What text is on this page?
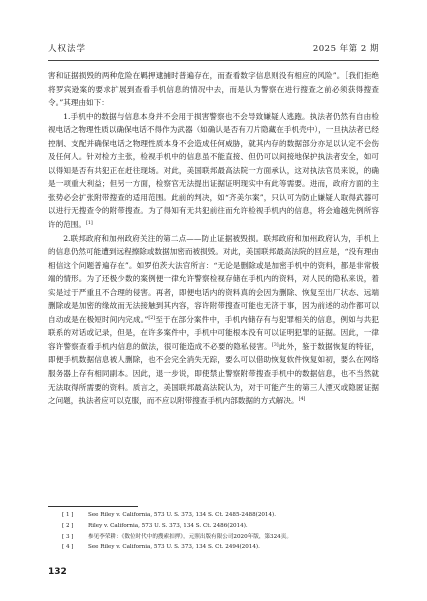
人权法学	2025 年第 2 期

害和证据损毁的两种危险在羁押逮捕时普遍存在，而查看数字信息则没有相应的风险”。［我们拒绝将罗宾逊案的要求扩展到查看手机信息的情况中去，而是认为警察在进行搜查之前必须获得搜查令。”其理由如下：

1.手机中的数据与信息本身并不会用于损害警察也不会导致嫌疑人逃跑。执法者仍然有自由检视电话之物理性质以确保电话不得作为武器（如确认是否有刀片隐藏在手机壳中），一旦执法者已经控制、支配并确保电话之物理性质本身不会造成任何威胁，就其内存的数据部分亦足以认定不会伤及任何人。针对检方主张，检视手机中的信息虽不能直接、但仍可以间接地保护执法者安全，如可以得知是否有共犯正在赶往现场。对此，美国联邦最高法院一方面承认，这对执法官员来说，的确是一项重大利益；但另一方面，检察官无法提出证据证明现实中有此等需要。进而，政府方面的主张势必会扩张附带搜查的适用范围。此前的判决，如“齐美尔案”，只认可为防止嫌疑人取得武器可以进行无搜查令的附带搜查。为了得知有无共犯前往而允许检视手机内的信息，将会逾越先例所容许的范围。[1]

2.联邦政府和加州政府关注的第二点——防止证据被毁损。联邦政府和加州政府认为，手机上的信息仍然可能遭到远程擦除或数据加密而被损毁。对此，美国联邦最高法院的回应是，“没有理由相信这个问题普遍存在”。如罗伯茨大法官所言：“无论是删除或是加密手机中的资料，都是非常极端的情形。为了还极少数的案例便一律允许警察检视存储在手机内的资料，对人民的隐私来说，着实是过于严重且不合理的侵害。再者，即便电话内的资料真的会因为删除、恢复至出厂状态、远端删除或是加密的缘故而无法接触到其内容，容许附带搜查可能也无济于事，因为前述的动作都可以自动或是在极短时间内完成。”[2]至于在部分案件中，手机内储存有与犯罪相关的信息，例如与共犯联系的对话或记录，但是，在许多案件中，手机中可能根本没有可以证明犯罪的证据。因此，一律容许警察查看手机内信息的做法，很可能造成不必要的隐私侵害。[3]此外，鉴于数据恢复的特征，即便手机数据信息被人删除，也不会完全消失无踪，要么可以借助恢复软件恢复如初，要么在网络服务器上存有相同副本。因此，退一步说，即使禁止警察附带搜查手机中的数据信息，也不当然就无法取得所需要的资料。质言之，美国联邦最高法院认为，对于可能产生的第三人湮灭或隐匿证据之问题，执法者应可以克服，而不应以附带搜查手机内部数据的方式解决。[4]

[ 1 ]	See Riley v. California, 573 U. S. 373, 134 S. Ct. 2485-2488(2014).
[ 2 ]	Riley v. California, 573 U. S. 373, 134 S. Ct. 2486(2014).
[ 3 ]	参见李荣耕：《数位时代中的搜索扣押》，元照出版有限公司2020年版，第324页。
[ 4 ]	See Riley v. California, 573 U. S. 373, 134 S. Ct. 2494(2014).
132
